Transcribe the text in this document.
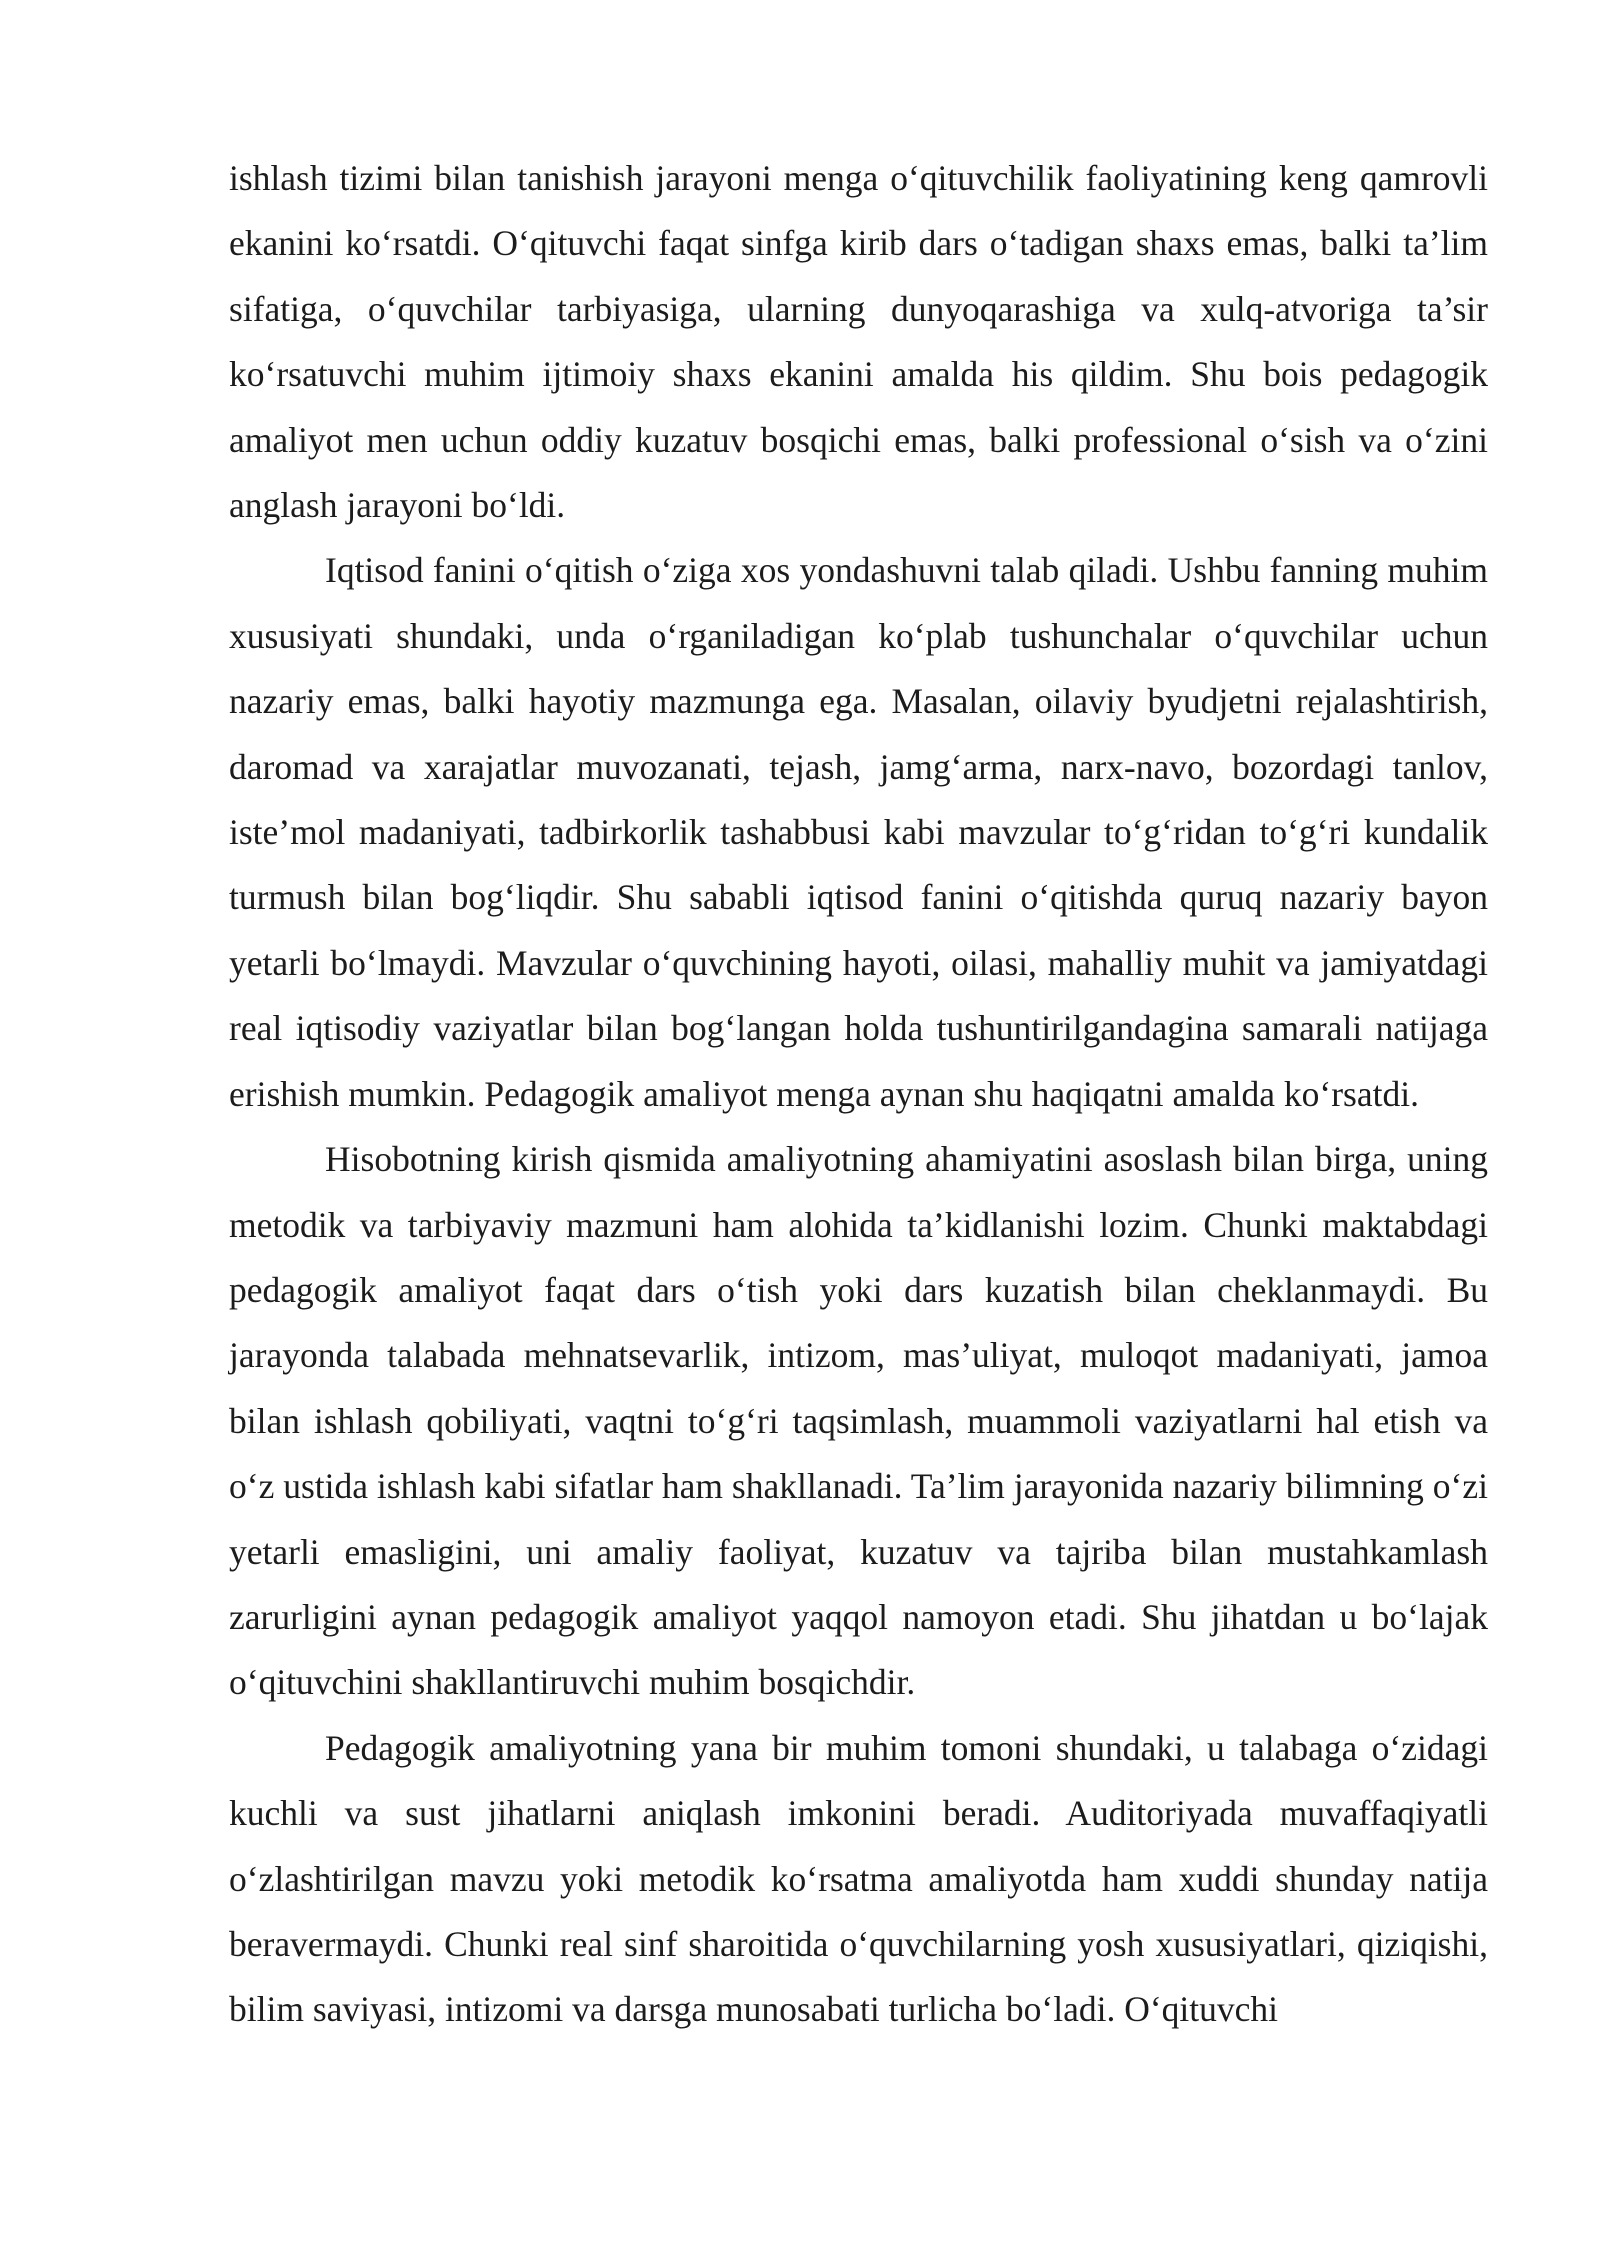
ishlash tizimi bilan tanishish jarayoni menga o‘qituvchilik faoliyatining keng qamrovli ekanini ko‘rsatdi. O‘qituvchi faqat sinfga kirib dars o‘tadigan shaxs emas, balki ta’lim sifatiga, o‘quvchilar tarbiyasiga, ularning dunyoqarashiga va xulq-atvoriga ta’sir ko‘rsatuvchi muhim ijtimoiy shaxs ekanini amalda his qildim. Shu bois pedagogik amaliyot men uchun oddiy kuzatuv bosqichi emas, balki professional o‘sish va o‘zini anglash jarayoni bo‘ldi.

Iqtisod fanini o‘qitish o‘ziga xos yondashuvni talab qiladi. Ushbu fanning muhim xususiyati shundaki, unda o‘rganiladigan ko‘plab tushunchalar o‘quvchilar uchun nazariy emas, balki hayotiy mazmunga ega. Masalan, oilaviy byudjetni rejalashtirish, daromad va xarajatlar muvozanati, tejash, jamg‘arma, narx-navo, bozordagi tanlov, iste’mol madaniyati, tadbirkorlik tashabbusi kabi mavzular to‘g‘ridan to‘g‘ri kundalik turmush bilan bog‘liqdir. Shu sababli iqtisod fanini o‘qitishda quruq nazariy bayon yetarli bo‘lmaydi. Mavzular o‘quvchining hayoti, oilasi, mahalliy muhit va jamiyatdagi real iqtisodiy vaziyatlar bilan bog‘langan holda tushuntirilgandagina samarali natijaga erishish mumkin. Pedagogik amaliyot menga aynan shu haqiqatni amalda ko‘rsatdi.

Hisobotning kirish qismida amaliyotning ahamiyatini asoslash bilan birga, uning metodik va tarbiyaviy mazmuni ham alohida ta’kidlanishi lozim. Chunki maktabdagi pedagogik amaliyot faqat dars o‘tish yoki dars kuzatish bilan cheklanmaydi. Bu jarayonda talabada mehnatsevarlik, intizom, mas’uliyat, muloqot madaniyati, jamoa bilan ishlash qobiliyati, vaqtni to‘g‘ri taqsimlash, muammoli vaziyatlarni hal etish va o‘z ustida ishlash kabi sifatlar ham shakllanadi. Ta’lim jarayonida nazariy bilimning o‘zi yetarli emasligini, uni amaliy faoliyat, kuzatuv va tajriba bilan mustahkamlash zarurligini aynan pedagogik amaliyot yaqqol namoyon etadi. Shu jihatdan u bo‘lajak o‘qituvchini shakllantiruvchi muhim bosqichdir.

Pedagogik amaliyotning yana bir muhim tomoni shundaki, u talabaga o‘zidagi kuchli va sust jihatlarni aniqlash imkonini beradi. Auditoriyada muvaffaqiyatli o‘zlashtirilgan mavzu yoki metodik ko‘rsatma amaliyotda ham xuddi shunday natija beravermaydi. Chunki real sinf sharoitida o‘quvchilarning yosh xususiyatlari, qiziqishi, bilim saviyasi, intizomi va darsga munosabati turlicha bo‘ladi. O‘qituvchi
